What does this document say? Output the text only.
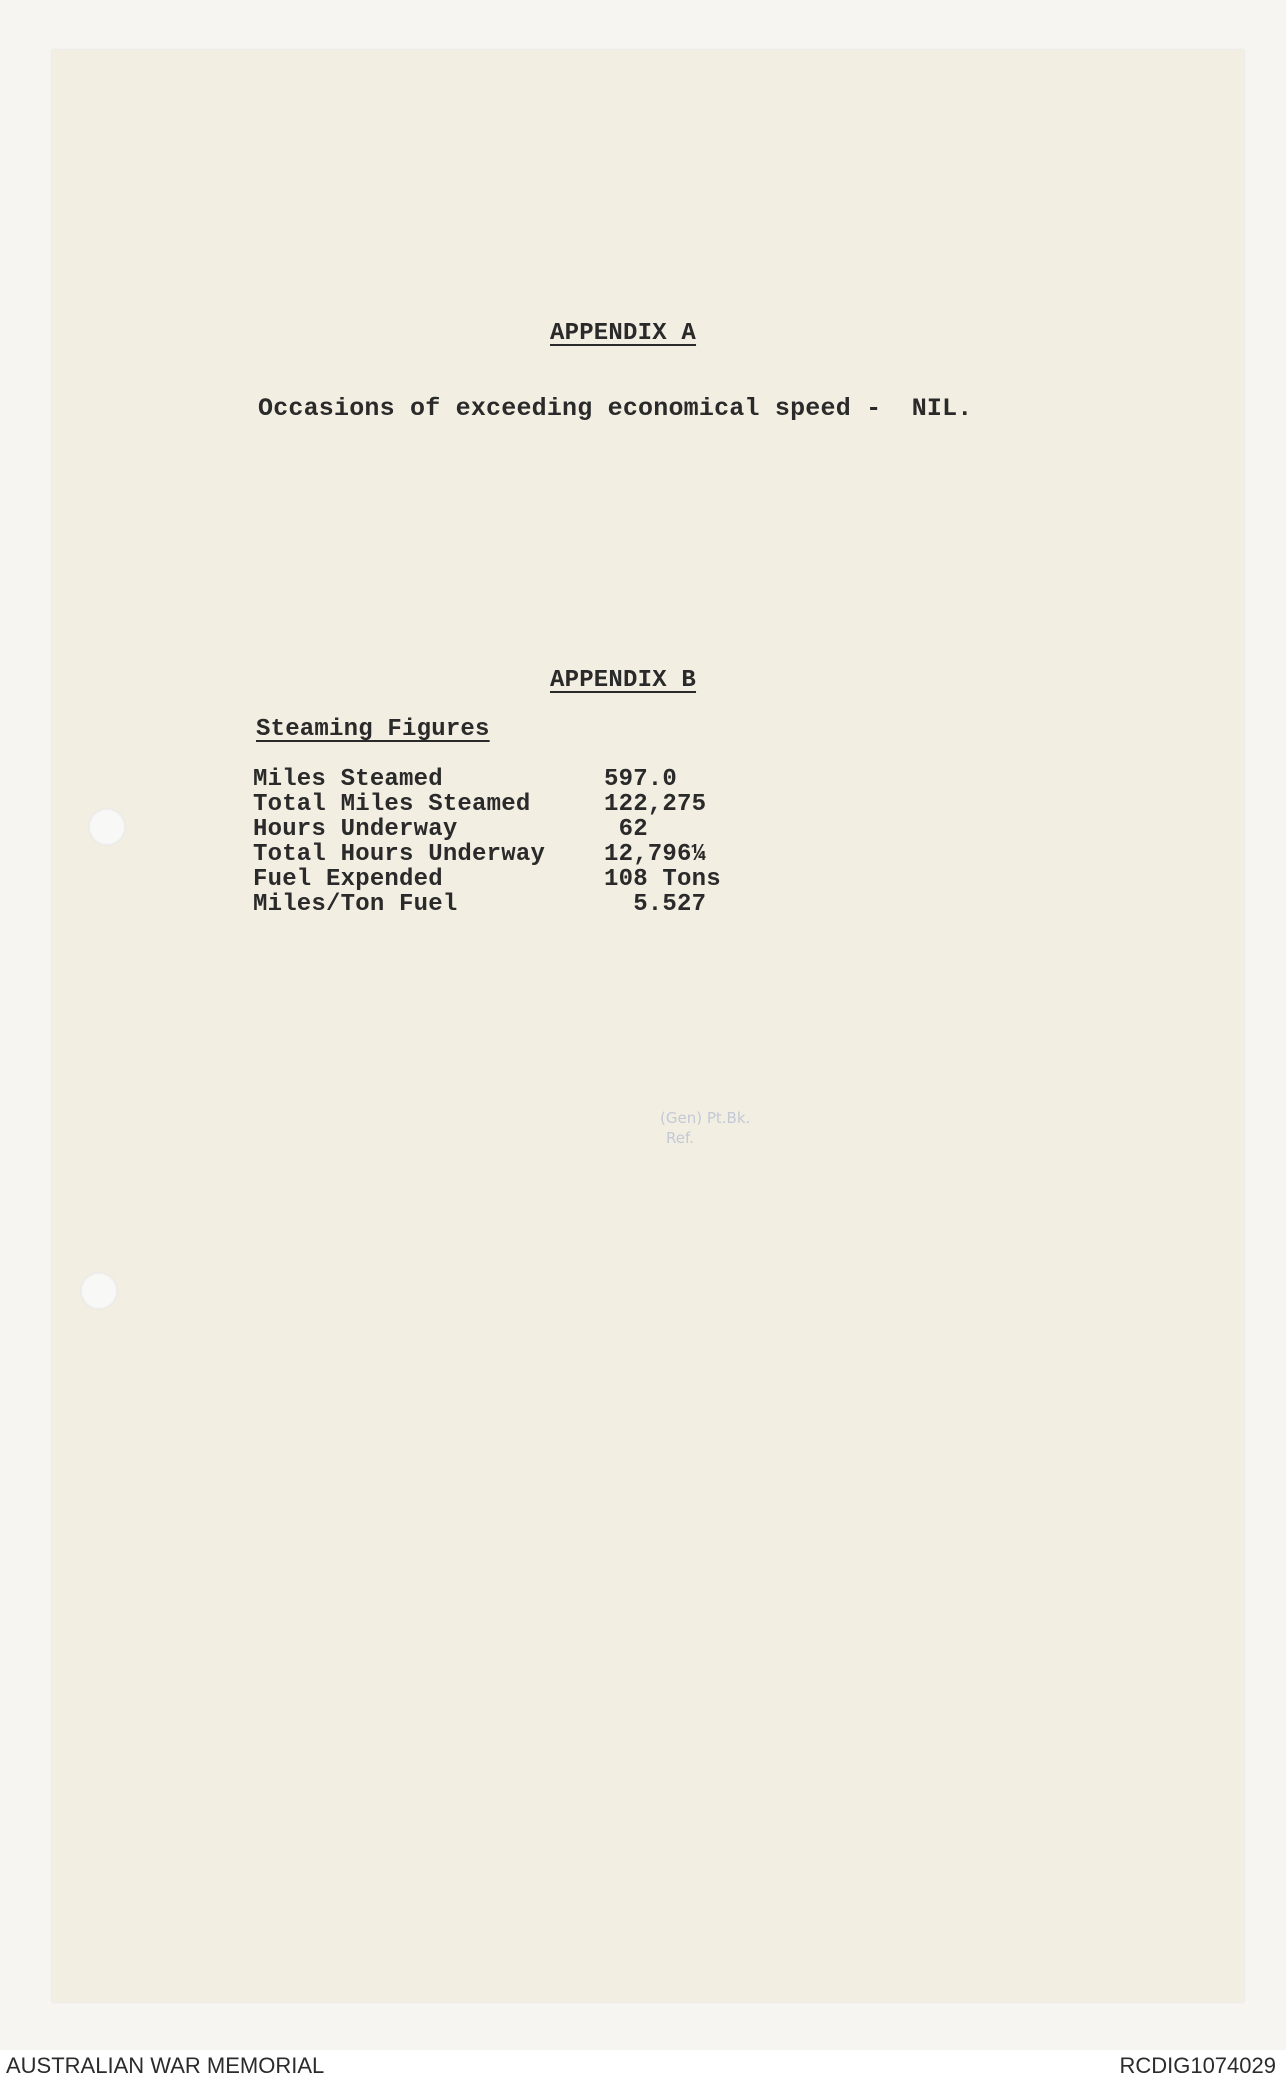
APPENDIX A
Occasions of exceeding economical speed -  NIL.
APPENDIX B
Steaming Figures
Miles Steamed	597.0
Total Miles Steamed	122,275
Hours Underway	62
Total Hours Underway 12,796¼
Fuel Expended	108 Tons
Miles/Ton Fuel	5.527
(Gen) Pt.Bk.
Ref.
AUSTRALIAN WAR MEMORIAL	RCDIG1074029
